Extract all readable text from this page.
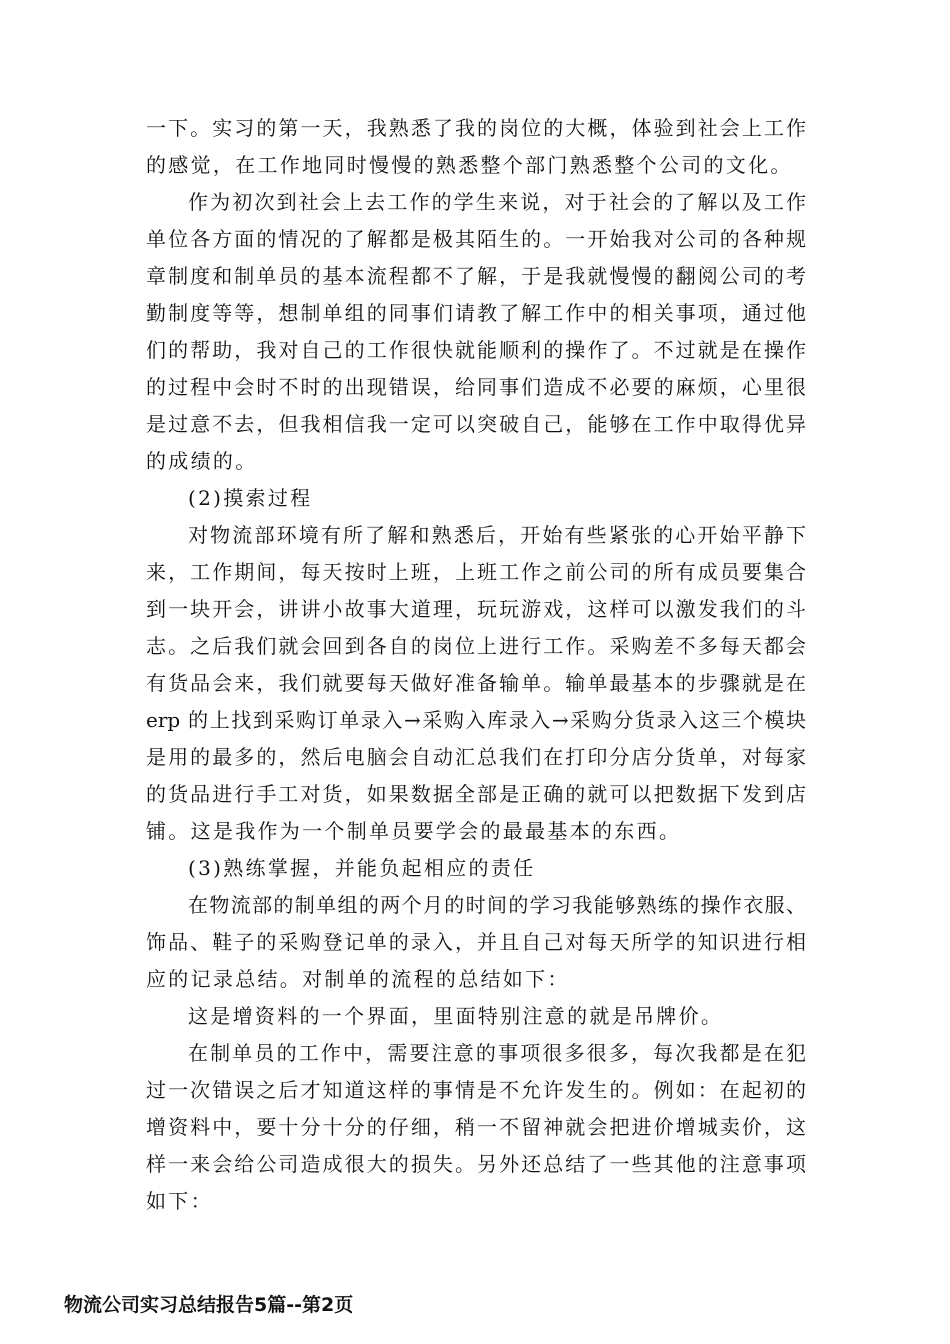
一下。实习的第一天，我熟悉了我的岗位的大概，体验到社会上工作
的感觉，在工作地同时慢慢的熟悉整个部门熟悉整个公司的文化。
作为初次到社会上去工作的学生来说，对于社会的了解以及工作
单位各方面的情况的了解都是极其陌生的。一开始我对公司的各种规
章制度和制单员的基本流程都不了解，于是我就慢慢的翻阅公司的考
勤制度等等，想制单组的同事们请教了解工作中的相关事项，通过他
们的帮助，我对自己的工作很快就能顺利的操作了。不过就是在操作
的过程中会时不时的出现错误，给同事们造成不必要的麻烦，心里很
是过意不去，但我相信我一定可以突破自己，能够在工作中取得优异
的成绩的。
(2)摸索过程
对物流部环境有所了解和熟悉后，开始有些紧张的心开始平静下
来，工作期间，每天按时上班，上班工作之前公司的所有成员要集合
到一块开会，讲讲小故事大道理，玩玩游戏，这样可以激发我们的斗
志。之后我们就会回到各自的岗位上进行工作。采购差不多每天都会
有货品会来，我们就要每天做好准备输单。输单最基本的步骤就是在
erp 的上找到采购订单录入→采购入库录入→采购分货录入这三个模块
是用的最多的，然后电脑会自动汇总我们在打印分店分货单，对每家
的货品进行手工对货，如果数据全部是正确的就可以把数据下发到店
铺。这是我作为一个制单员要学会的最最基本的东西。
(3)熟练掌握，并能负起相应的责任
在物流部的制单组的两个月的时间的学习我能够熟练的操作衣服、
饰品、鞋子的采购登记单的录入，并且自己对每天所学的知识进行相
应的记录总结。对制单的流程的总结如下：
这是增资料的一个界面，里面特别注意的就是吊牌价。
在制单员的工作中，需要注意的事项很多很多，每次我都是在犯
过一次错误之后才知道这样的事情是不允许发生的。例如：在起初的
增资料中，要十分十分的仔细，稍一不留神就会把进价增城卖价，这
样一来会给公司造成很大的损失。另外还总结了一些其他的注意事项
如下：
物流公司实习总结报告5篇--第2页
